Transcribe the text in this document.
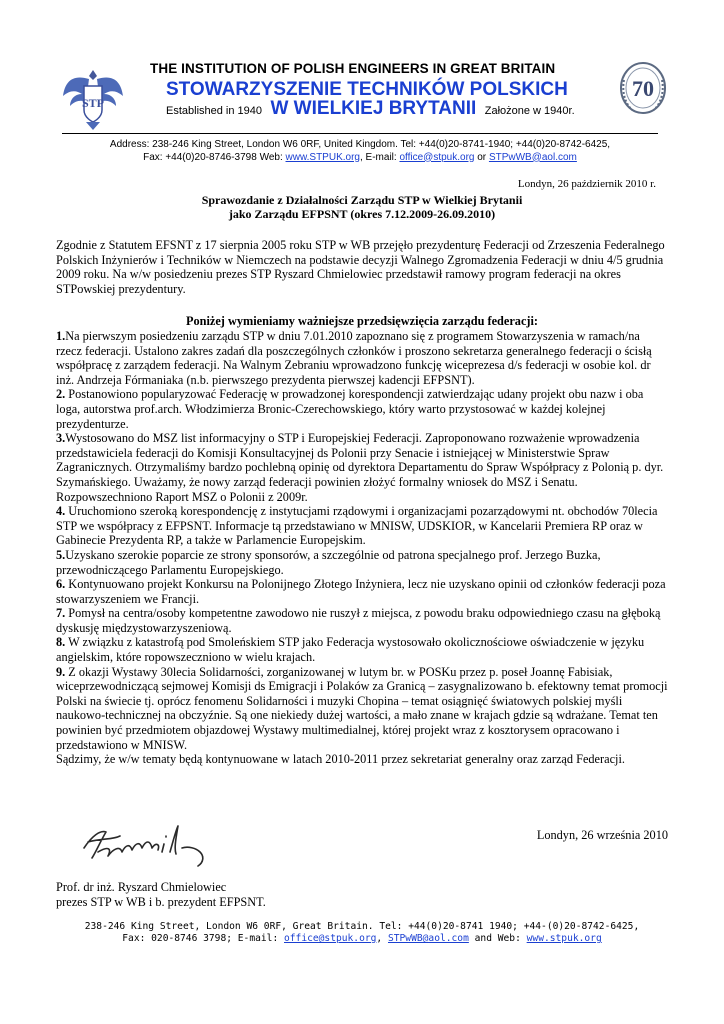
STP
70
THE INSTITUTION OF POLISH ENGINEERS IN GREAT BRITAIN
STOWARZYSZENIE TECHNIKÓW POLSKICH
Established in 1940 W WIELKIEJ BRYTANII Założone w 1940r.
Address: 238-246 King Street, London W6 0RF, United Kingdom. Tel: +44(0)20-8741-1940; +44(0)20-8742-6425,
Fax: +44(0)20-8746-3798 Web: www.STPUK.org, E-mail: office@stpuk.org or STPwWB@aol.com
Londyn, 26 październik 2010 r.
Sprawozdanie z Działalności Zarządu STP w Wielkiej Brytanii
jako Zarządu EFPSNT (okres 7.12.2009-26.09.2010)

Zgodnie z Statutem EFSNT z 17 sierpnia 2005 roku STP w WB przejęło prezydenturę Federacji od Zrzeszenia Federalnego Polskich Inżynierów i Techników w Niemczech na podstawie decyzji Walnego Zgromadzenia Federacji w dniu 4/5 grudnia 2009 roku. Na w/w posiedzeniu prezes STP Ryszard Chmielowiec przedstawił ramowy program federacji na okres STPowskiej prezydentury.

Poniżej wymieniamy ważniejsze przedsięwzięcia zarządu federacji:

1.Na pierwszym posiedzeniu zarządu STP w dniu 7.01.2010 zapoznano się z programem Stowarzyszenia w ramach/na rzecz federacji. Ustalono zakres zadań dla poszczególnych członków i proszono sekretarza generalnego federacji o ścisłą współpracę z zarządem federacji. Na Walnym Zebraniu wprowadzono funkcję wiceprezesa d/s federacji w osobie kol. dr inż. Andrzeja Fórmaniaka (n.b. pierwszego prezydenta pierwszej kadencji EFPSNT).

2. Postanowiono popularyzować Federację w prowadzonej korespondencji zatwierdzając udany projekt obu nazw i oba loga, autorstwa prof.arch. Włodzimierza Bronic-Czerechowskiego, który warto przystosować w każdej kolejnej prezydenturze.

3.Wystosowano do MSZ list informacyjny o STP i Europejskiej Federacji. Zaproponowano rozważenie wprowadzenia przedstawiciela federacji do Komisji Konsultacyjnej ds Polonii przy Senacie i istniejącej w Ministerstwie Spraw Zagranicznych. Otrzymaliśmy bardzo pochlebną opinię od dyrektora Departamentu do Spraw Współpracy z Polonią p. dyr. Szymańskiego. Uważamy, że nowy zarząd federacji powinien złożyć formalny wniosek do MSZ i Senatu. Rozpowszechniono Raport MSZ o Polonii z 2009r.

4. Uruchomiono szeroką korespondencję z instytucjami rządowymi i organizacjami pozarządowymi nt. obchodów 70lecia STP we współpracy z EFPSNT. Informacje tą przedstawiano w MNISW, UDSKIOR, w Kancelarii Premiera RP oraz w Gabinecie Prezydenta RP, a także w Parlamencie Europejskim.

5.Uzyskano szerokie poparcie ze strony sponsorów, a szczególnie od patrona specjalnego prof. Jerzego Buzka, przewodniczącego Parlamentu Europejskiego.

6. Kontynuowano projekt Konkursu na Polonijnego Złotego Inżyniera, lecz nie uzyskano opinii od członków federacji poza stowarzyszeniem we Francji.

7. Pomysł na centra/osoby kompetentne zawodowo nie ruszył z miejsca, z powodu braku odpowiedniego czasu na głęboką dyskusję międzystowarzyszeniową.

8. W związku z katastrofą pod Smoleńskiem STP jako Federacja wystosowało okolicznościowe oświadczenie w języku angielskim, które ropowszeczniono w wielu krajach.

9. Z okazji Wystawy 30lecia Solidarności, zorganizowanej w lutym br. w POSKu przez p. poseł Joannę Fabisiak, wiceprzewodniczącą sejmowej Komisji ds Emigracji i Polaków za Granicą – zasygnalizowano b. efektowny temat promocji Polski na świecie tj. oprócz fenomenu Solidarności i muzyki Chopina – temat osiągnięć światowych polskiej myśli naukowo-technicznej na obczyźnie. Są one niekiedy dużej wartości, a mało znane w krajach gdzie są wdrażane. Temat ten powinien być przedmiotem objazdowej Wystawy multimedialnej, której projekt wraz z kosztorysem opracowano i przedstawiono w MNISW.

Sądzimy, że w/w tematy będą kontynuowane w latach 2010-2011 przez sekretariat generalny oraz zarząd Federacji.

Londyn, 26 września 2010
Prof. dr inż. Ryszard Chmielowiec
prezes STP w WB i b. prezydent EFPSNT.
238-246 King Street, London W6 0RF, Great Britain. Tel: +44(0)20-8741 1940; +44-(0)20-8742-6425,
Fax: 020-8746 3798; E-mail: office@stpuk.org, STPwWB@aol.com and Web: www.stpuk.org
